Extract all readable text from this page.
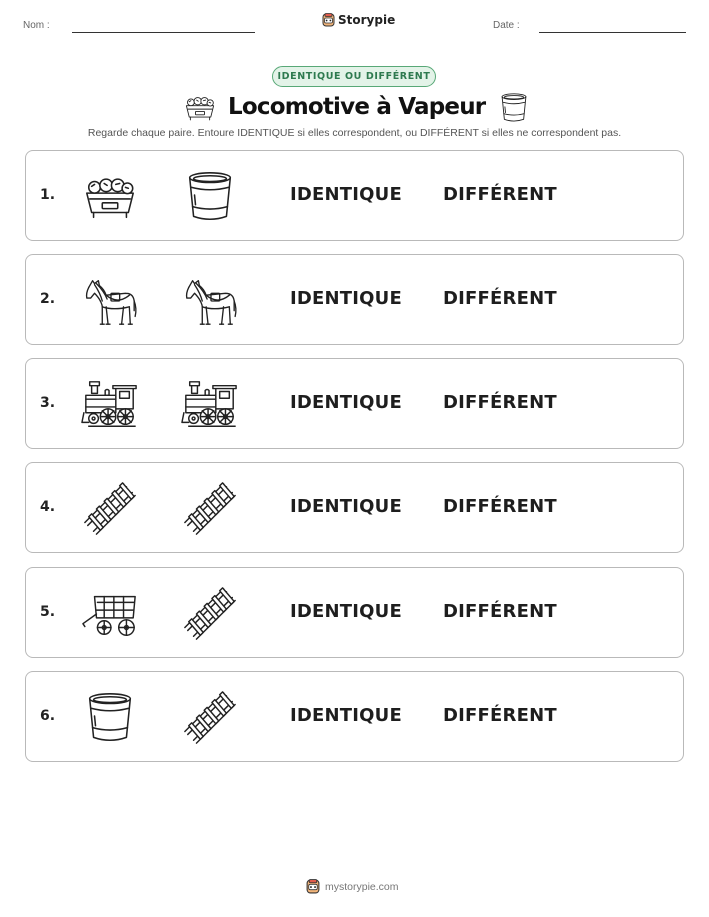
Nom :	Storypie	Date :
IDENTIQUE OU DIFFÉRENT
Locomotive à Vapeur
Regarde chaque paire. Entoure IDENTIQUE si elles correspondent, ou DIFFÉRENT si elles ne correspondent pas.
1.	IDENTIQUE DIFFÉRENT
2.	IDENTIQUE DIFFÉRENT
3.	IDENTIQUE DIFFÉRENT
4.	IDENTIQUE DIFFÉRENT
5.	IDENTIQUE DIFFÉRENT
6.	IDENTIQUE DIFFÉRENT
mystorypie.com
